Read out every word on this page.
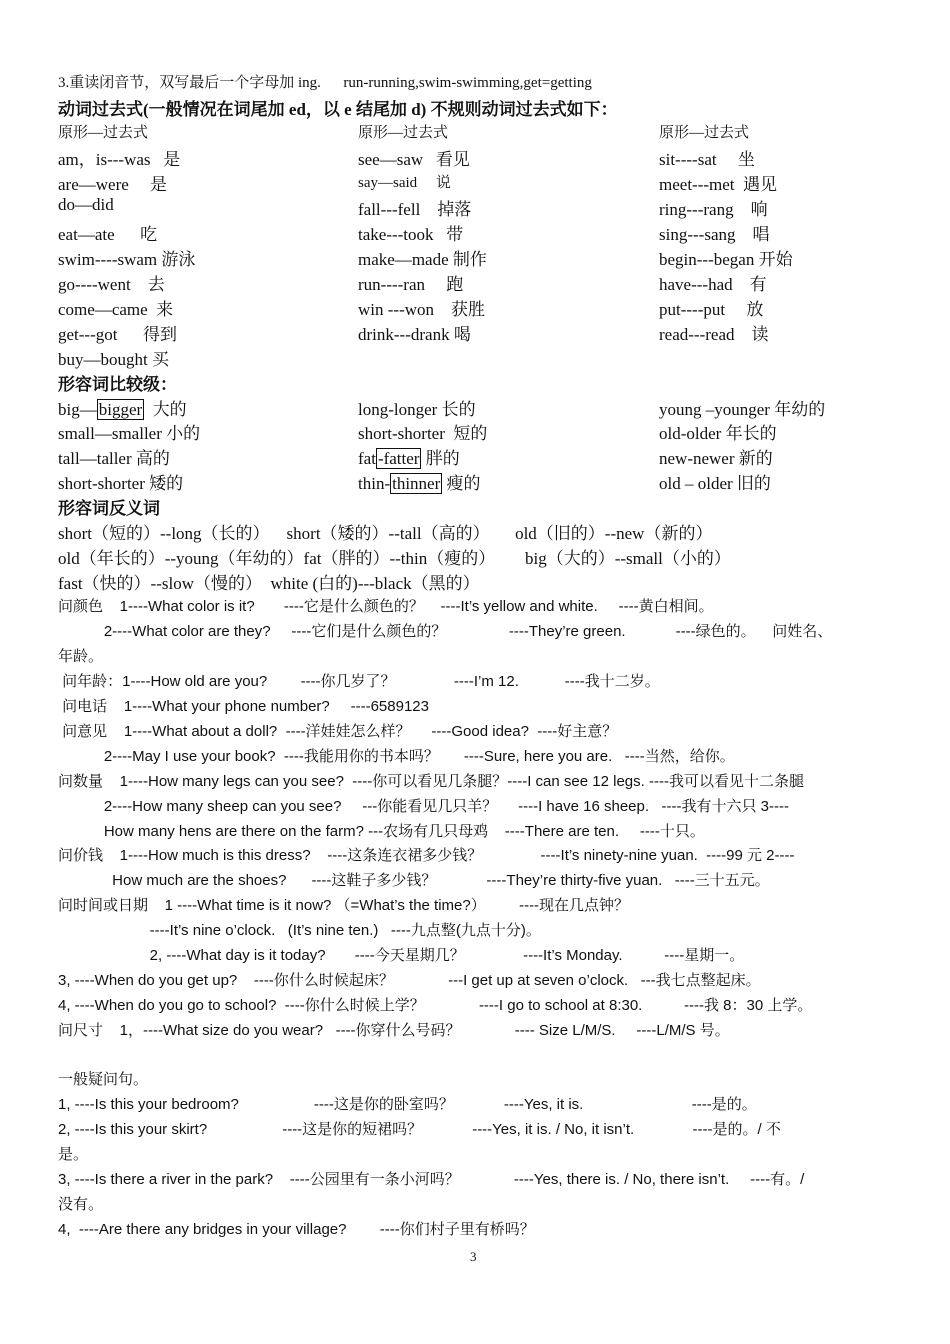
3.重读闭音节，双写最后一个字母加 ing.      run-running,swim-swimming,get=getting
动词过去式(一般情况在词尾加 ed，以 e 结尾加 d) 不规则动词过去式如下：
原形—过去式	原形—过去式	原形—过去式
am，is---was   是	see—saw   看见	sit----sat     坐
are—were     是	say—said     说	meet---met  遇见
do—did	fall---fell    掉落	ring---rang    响
eat—ate      吃	take---took   带	sing---sang    唱
swim----swam 游泳	make—made 制作	begin---began 开始
go----went    去	run----ran     跑	have---had    有
come—came  来	win ---won    获胜	put----put     放
get---got      得到	drink---drank 喝	read---read    读
buy—bought 买
形容词比较级：
big— bigger  大的	long-longer 长的	young –younger 年幼的
small—smaller 小的	short-shorter  短的	old-older 年长的
tall—taller 高的	fat -fatter 胖的	new-newer 新的
short-shorter 矮的	thin- thinner 瘦的	old – older 旧的
形容词反义词
short（短的）--long（长的）    short（矮的）--tall（高的）      old（旧的）--new（新的）
old（年长的）--young（年幼的）fat（胖的）--thin（瘦的）       big（大的）--small（小的）
fast（快的）--slow（慢的）  white (白的)---black（黑的）
问颜色    1----What color is it?       ----它是什么颜色的？    ----It’s yellow and white.     ----黄白相间。
2----What color are they?     ----它们是什么颜色的？               ----They’re green.            ----绿色的。    问姓名、
年龄。
问年龄：1----How old are you?        ----你几岁了？              ----I’m 12.           ----我十二岁。
问电话    1----What your phone number?     ----6589123
问意见    1----What about a doll?  ----洋娃娃怎么样？     ----Good idea?  ----好主意？
2----May I use your book?  ----我能用你的书本吗？      ----Sure, here you are.   ----当然，给你。
问数量    1----How many legs can you see?  ----你可以看见几条腿？----I can see 12 legs. ----我可以看见十二条腿
2----How many sheep can you see?     ---你能看见几只羊？     ----I have 16 sheep.   ----我有十六只 3----
How many hens are there on the farm? ---农场有几只母鸡    ----There are ten.     ----十只。
问价钱    1----How much is this dress?    ----这条连衣裙多少钱？              ----It’s ninety-nine yuan.  ----99 元 2----
How much are the shoes?      ----这鞋子多少钱？            ----They’re thirty-five yuan.   ----三十五元。
问时间或日期    1 ----What time is it now? （=What’s the time?）        ----现在几点钟？
----It’s nine o’clock.   (It’s nine ten.)   ----九点整(九点十分)。
2, ----What day is it today?       ----今天星期几？              ----It’s Monday.          ----星期一。
3, ----When do you get up?    ----你什么时候起床？             ---I get up at seven o’clock.   ---我七点整起床。
4, ----When do you go to school?  ----你什么时候上学？             ----I go to school at 8:30.          ----我 8：30 上学。
问尺寸    1，----What size do you wear?   ----你穿什么号码？             ---- Size L/M/S.     ----L/M/S 号。
一般疑问句。
1, ----Is this your bedroom?                  ----这是你的卧室吗？            ----Yes, it is.                          ----是的。
2, ----Is this your skirt?                  ----这是你的短裙吗？            ----Yes, it is. / No, it isn’t.              ----是的。/ 不
是。
3, ----Is there a river in the park?    ----公园里有一条小河吗？             ----Yes, there is. / No, there isn’t.     ----有。/
没有。
4,  ----Are there any bridges in your village?        ----你们村子里有桥吗？
3
